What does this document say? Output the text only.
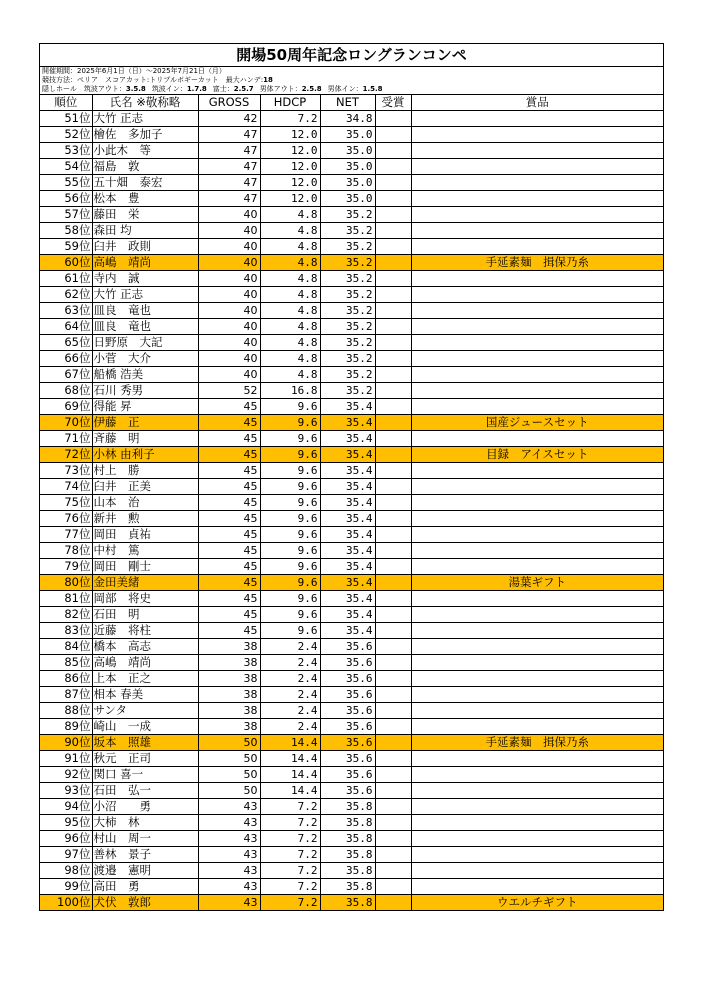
開場50周年記念ロングランコンペ
開催期間：2025年6月1日（日）～2025年7月21日（月）
競技方法：ぺリア　スコアカット:トリプルボギーカット　最大ハンデ:18
隠しホール　筑波アウト：3.5.8 筑波イン：1.7.8 富士：2.5.7 男体アウト：2.5.8 男体イン：1.5.8
順位	氏名 ※敬称略	GROSS	HDCP	NET	受賞	賞品
51位	大竹 正志	42	7.2	34.8		
52位	檜佐　多加子	47	12.0	35.0		
53位	小此木　等	47	12.0	35.0		
54位	福島　敦	47	12.0	35.0		
55位	五十畑　泰宏	47	12.0	35.0		
56位	松本　豊	47	12.0	35.0		
57位	藤田　栄	40	4.8	35.2		
58位	森田 均	40	4.8	35.2		
59位	臼井　政則	40	4.8	35.2		
60位	高嶋　靖尚	40	4.8	35.2		手延素麺　揖保乃糸
61位	寺内　誠	40	4.8	35.2		
62位	大竹 正志	40	4.8	35.2		
63位	皿良　竜也	40	4.8	35.2		
64位	皿良　竜也	40	4.8	35.2		
65位	日野原　大記	40	4.8	35.2		
66位	小菅　大介	40	4.8	35.2		
67位	船橋 浩美	40	4.8	35.2		
68位	石川 秀男	52	16.8	35.2		
69位	得能 昇	45	9.6	35.4		
70位	伊藤　正	45	9.6	35.4		国産ジュースセット
71位	斉藤　明	45	9.6	35.4		
72位	小林 由利子	45	9.6	35.4		目録　アイスセット
73位	村上　勝	45	9.6	35.4		
74位	臼井　正美	45	9.6	35.4		
75位	山本　治	45	9.6	35.4		
76位	新井　勲	45	9.6	35.4		
77位	岡田　貞祐	45	9.6	35.4		
78位	中村　篤	45	9.6	35.4		
79位	岡田　剛士	45	9.6	35.4		
80位	金田美緒	45	9.6	35.4		湯葉ギフト
81位	岡部　将史	45	9.6	35.4		
82位	石田　明	45	9.6	35.4		
83位	近藤　将柱	45	9.6	35.4		
84位	橋本　高志	38	2.4	35.6		
85位	高嶋　靖尚	38	2.4	35.6		
86位	上本　正之	38	2.4	35.6		
87位	相本 春美	38	2.4	35.6		
88位	サンタ	38	2.4	35.6		
89位	崎山　一成	38	2.4	35.6		
90位	坂本　照雄	50	14.4	35.6		手延素麺　揖保乃糸
91位	秋元　正司	50	14.4	35.6		
92位	関口 喜一	50	14.4	35.6		
93位	石田　弘一	50	14.4	35.6		
94位	小沼　　勇	43	7.2	35.8		
95位	大柿　林	43	7.2	35.8		
96位	村山　周一	43	7.2	35.8		
97位	善林　景子	43	7.2	35.8		
98位	渡邉　憲明	43	7.2	35.8		
99位	高田　勇	43	7.2	35.8		
100位	犬伏　敦郎	43	7.2	35.8		ウエルチギフト
